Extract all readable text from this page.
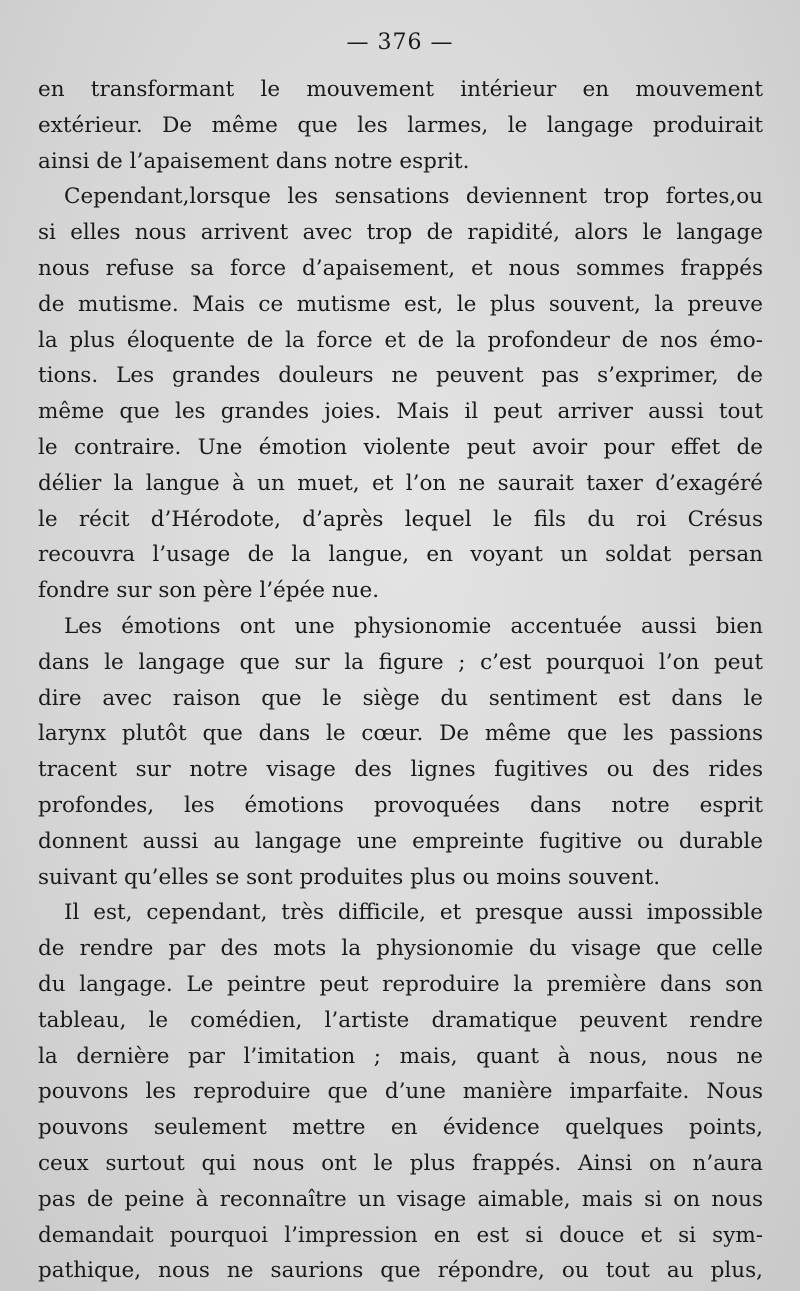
— 376 —
en transformant le mouvement intérieur en mouvement
extérieur. De même que les larmes, le langage produirait
ainsi de l’apaisement dans notre esprit.
Cependant,lorsque les sensations deviennent trop fortes,ou
si elles nous arrivent avec trop de rapidité, alors le langage
nous refuse sa force d’apaisement, et nous sommes frappés
de mutisme. Mais ce mutisme est, le plus souvent, la preuve
la plus éloquente de la force et de la profondeur de nos émo-
tions. Les grandes douleurs ne peuvent pas s’exprimer, de
même que les grandes joies. Mais il peut arriver aussi tout
le contraire. Une émotion violente peut avoir pour effet de
délier la langue à un muet, et l’on ne saurait taxer d’exagéré
le récit d’Hérodote, d’après lequel le fils du roi Crésus
recouvra l’usage de la langue, en voyant un soldat persan
fondre sur son père l’épée nue.
Les émotions ont une physionomie accentuée aussi bien
dans le langage que sur la figure ; c’est pourquoi l’on peut
dire avec raison que le siège du sentiment est dans le
larynx plutôt que dans le cœur. De même que les passions
tracent sur notre visage des lignes fugitives ou des rides
profondes, les émotions provoquées dans notre esprit
donnent aussi au langage une empreinte fugitive ou durable
suivant qu’elles se sont produites plus ou moins souvent.
Il est, cependant, très difficile, et presque aussi impossible
de rendre par des mots la physionomie du visage que celle
du langage. Le peintre peut reproduire la première dans son
tableau, le comédien, l’artiste dramatique peuvent rendre
la dernière par l’imitation ; mais, quant à nous, nous ne
pouvons les reproduire que d’une manière imparfaite. Nous
pouvons seulement mettre en évidence quelques points,
ceux surtout qui nous ont le plus frappés. Ainsi on n’aura
pas de peine à reconnaître un visage aimable, mais si on nous
demandait pourquoi l’impression en est si douce et si sym-
pathique, nous ne saurions que répondre, ou tout au plus,
